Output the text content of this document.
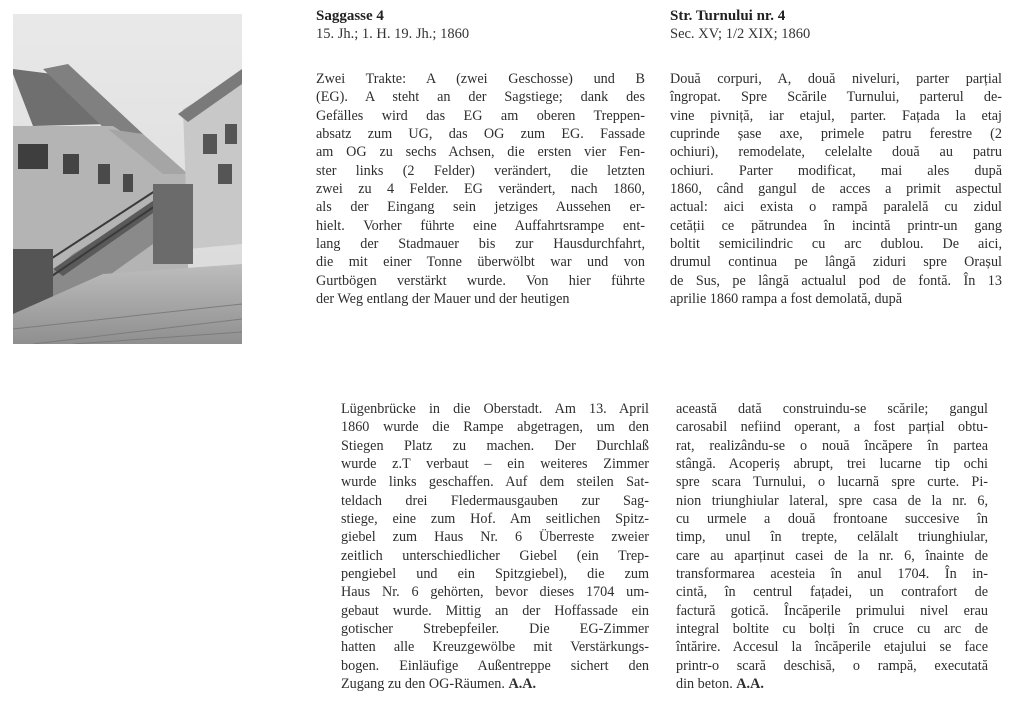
Saggasse 4
15. Jh.; 1. H. 19. Jh.; 1860
Str. Turnului nr. 4
Sec. XV; 1/2 XIX; 1860
Zwei Trakte: A (zwei Geschosse) und B
(EG). A steht an der Sagstiege; dank des
Gefälles wird das EG am oberen Treppen-
absatz zum UG, das OG zum EG. Fassade
am OG zu sechs Achsen, die ersten vier Fen-
ster links (2 Felder) verändert, die letzten
zwei zu 4 Felder. EG verändert, nach 1860,
als der Eingang sein jetziges Aussehen er-
hielt. Vorher führte eine Auffahrtsrampe ent-
lang der Stadmauer bis zur Hausdurchfahrt,
die mit einer Tonne überwölbt war und von
Gurtbögen verstärkt wurde. Von hier führte
der Weg entlang der Mauer und der heutigen
Două corpuri, A, două niveluri, parter parțial
îngropat. Spre Scările Turnului, parterul de-
vine pivniță, iar etajul, parter. Fațada la etaj
cuprinde șase axe, primele patru ferestre (2
ochiuri), remodelate, celelalte două au patru
ochiuri. Parter modificat, mai ales după
1860, când gangul de acces a primit aspectul
actual: aici exista o rampă paralelă cu zidul
cetății ce pătrundea în incintă printr-un gang
boltit semicilindric cu arc dublou. De aici,
drumul continua pe lângă ziduri spre Orașul
de Sus, pe lângă actualul pod de fontă. În 13
aprilie 1860 rampa a fost demolată, după
Lügenbrücke in die Oberstadt. Am 13. April
1860 wurde die Rampe abgetragen, um den
Stiegen Platz zu machen. Der Durchlaß
wurde z.T verbaut – ein weiteres Zimmer
wurde links geschaffen. Auf dem steilen Sat-
teldach drei Fledermausgauben zur Sag-
stiege, eine zum Hof. Am seitlichen Spitz-
giebel zum Haus Nr. 6 Überreste zweier
zeitlich unterschiedlicher Giebel (ein Trep-
pengiebel und ein Spitzgiebel), die zum
Haus Nr. 6 gehörten, bevor dieses 1704 um-
gebaut wurde. Mittig an der Hoffassade ein
gotischer Strebepfeiler. Die EG-Zimmer
hatten alle Kreuzgewölbe mit Verstärkungs-
bogen. Einläufige Außentreppe sichert den
Zugang zu den OG-Räumen. A.A.
această dată construindu-se scările; gangul
carosabil nefiind operant, a fost parțial obtu-
rat, realizându-se o nouă încăpere în partea
stângă. Acoperiș abrupt, trei lucarne tip ochi
spre scara Turnului, o lucarnă spre curte. Pi-
nion triunghiular lateral, spre casa de la nr. 6,
cu urmele a două frontoane succesive în
timp, unul în trepte, celălalt triunghiular,
care au aparținut casei de la nr. 6, înainte de
transformarea acesteia în anul 1704. În in-
cintă, în centrul fațadei, un contrafort de
factură gotică. Încăperile primului nivel erau
integral boltite cu bolți în cruce cu arc de
întărire. Accesul la încăperile etajului se face
printr-o scară deschisă, o rampă, executată
din beton. A.A.
